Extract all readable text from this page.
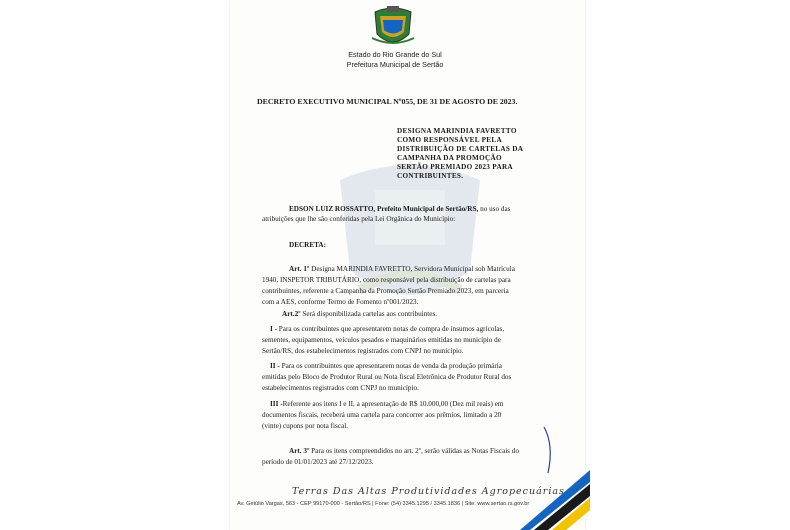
Estado do Rio Grande do Sul
Prefeitura Municipal de Sertão
DECRETO EXECUTIVO MUNICIPAL Nº055, DE 31 DE AGOSTO DE 2023.
DESIGNA MARINDIA FAVRETTO
COMO RESPONSÁVEL PELA
DISTRIBUIÇÃO DE CARTELAS DA
CAMPANHA DA PROMOÇÃO
SERTÃO PREMIADO 2023 PARA
CONTRIBUINTES.
EDSON LUIZ ROSSATTO, Prefeito Municipal de Sertão/RS, no uso das
atribuições que lhe são conferidas pela Lei Orgânica do Município:
DECRETA:
Art. 1º Designa MARINDIA FAVRETTO, Servidora Municipal sob Matrícula
1940, INSPETOR TRIBUTÁRIO, como responsável pela distribuição de cartelas para
contribuintes, referente a Campanha da Promoção Sertão Premiado 2023, em parceria
com a AES, conforme Termo de Fomento nº001/2023.
Art.2º Será disponibilizada cartelas aos contribuintes.
I - Para os contribuintes que apresentarem notas de compra de insumos agrícolas,
sementes, equipamentos, veículos pesados e maquinários emitidas no município de
Sertão/RS, dos estabelecimentos registrados com CNPJ no município.
II - Para os contribuintes que apresentarem notas de venda da produção primária
emitidas pelo Bloco de Produtor Rural ou Nota fiscal Eletrônica de Produtor Rural dos
estabelecimentos registrados com CNPJ no município.
III -Referente aos itens I e II, a apresentação de R$ 10.000,00 (Dez mil reais) em
documentos fiscais, receberá uma cartela para concorrer aos prêmios, limitado a 20
(vinte) cupons por nota fiscal.
Art. 3º Para os itens compreendidos no art. 2º, serão válidas as Notas Fiscais do
período de 01/01/2023 até 27/12/2023.
Terras Das Altas Produtividades Agropecuárias
Av. Getúlio Vargas, 563 - CEP 99170-000 - Sertão/RS | Fone: (54) 3345.1295 / 3345.1836 | Site: www.sertao.rs.gov.br
